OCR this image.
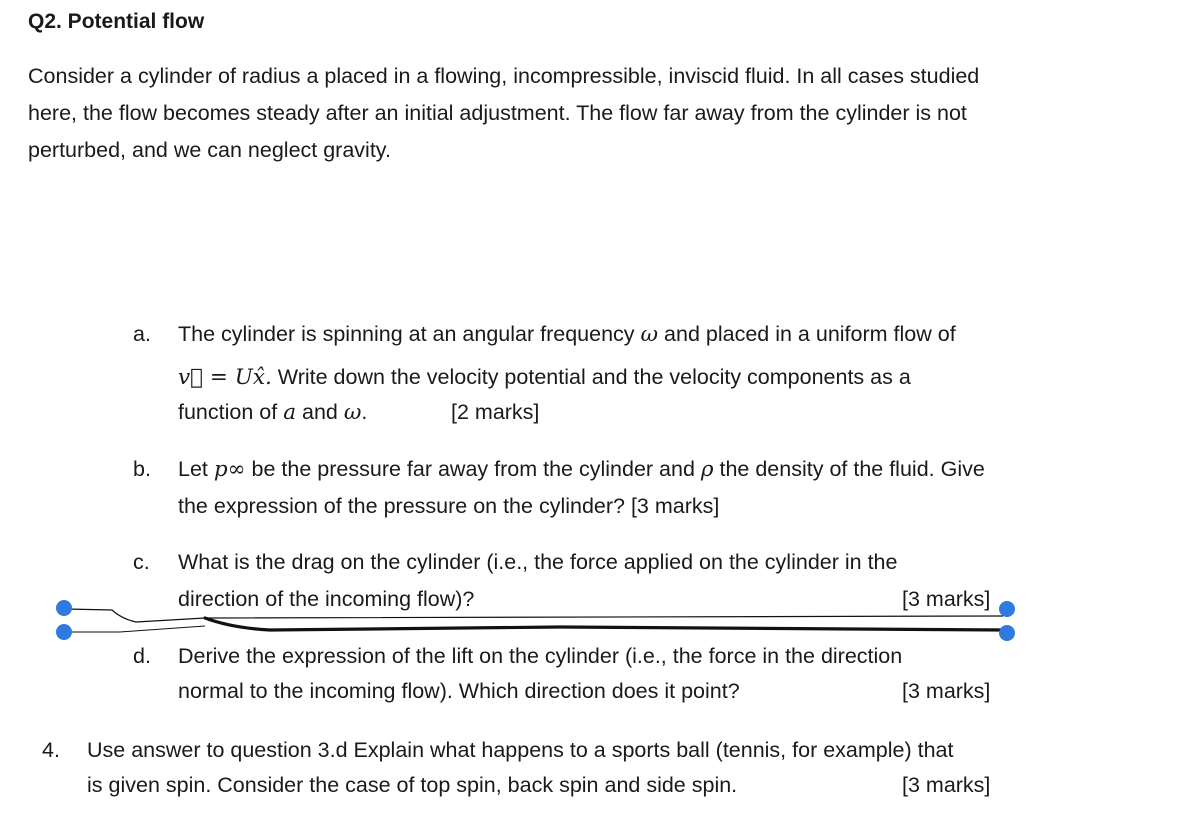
Q2. Potential flow
Consider a cylinder of radius a placed in a flowing, incompressible, inviscid fluid. In all cases studied
here, the flow becomes steady after an initial adjustment. The flow far away from the cylinder is not
perturbed, and we can neglect gravity.
a. The cylinder is spinning at an angular frequency ω and placed in a uniform flow of
v⃗ = Ux̂. Write down the velocity potential and the velocity components as a
function of a and ω.	[2 marks]
b. Let p∞ be the pressure far away from the cylinder and ρ the density of the fluid. Give
the expression of the pressure on the cylinder? [3 marks]
c. What is the drag on the cylinder (i.e., the force applied on the cylinder in the
direction of the incoming flow)?	[3 marks]
d. Derive the expression of the lift on the cylinder (i.e., the force in the direction
normal to the incoming flow). Which direction does it point?	[3 marks]
4. Use answer to question 3.d Explain what happens to a sports ball (tennis, for example) that
is given spin. Consider the case of top spin, back spin and side spin.	[3 marks]
